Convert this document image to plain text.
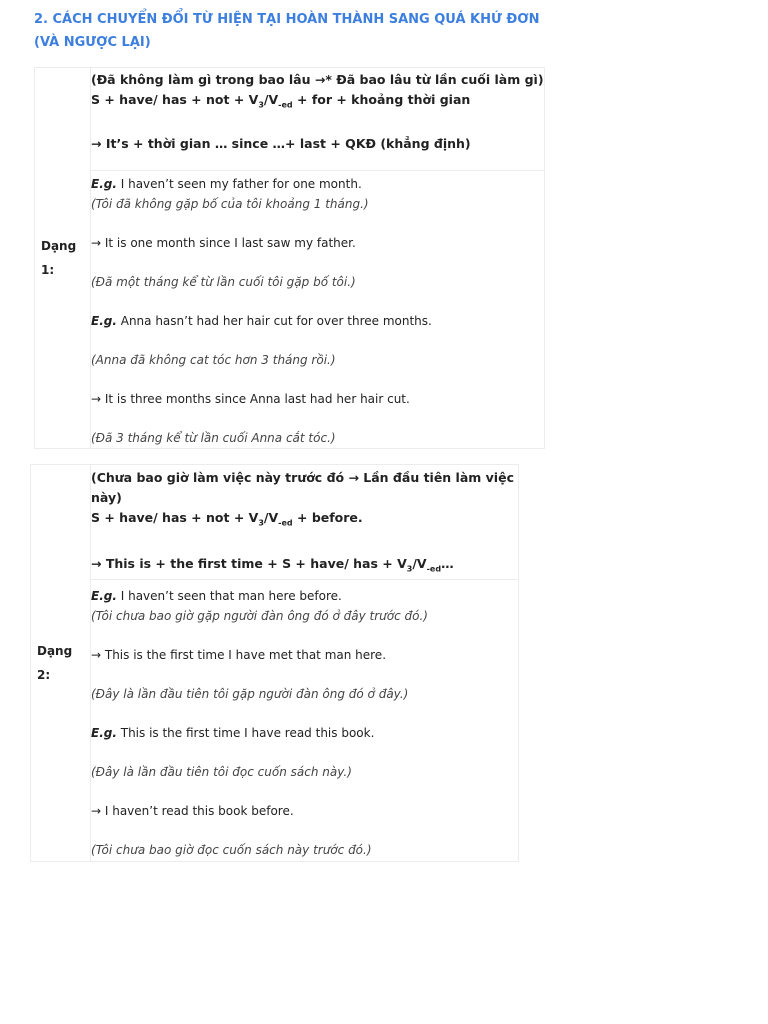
2. CÁCH CHUYỂN ĐỔI TỪ HIỆN TẠI HOÀN THÀNH SANG QUÁ KHỨ ĐƠN (VÀ NGƯỢC LẠI)
Dạng
1:

(Đã không làm gì trong bao lâu →* Đã bao lâu từ lần cuối làm gì)
S + have/ has + not + $V_3/V_{-ed}$ + for + khoảng thời gian
→ It’s + thời gian … since …+ last + QKĐ (khẳng định)

E.g. I haven’t seen my father for one month.

(Tôi đã không gặp bố của tôi khoảng 1 tháng.)

→ It is one month since I last saw my father.

(Đã một tháng kể từ lần cuối tôi gặp bố tôi.)

E.g. Anna hasn’t had her hair cut for over three months.

(Anna đã không cat tóc hơn 3 tháng rồi.)

→ It is three months since Anna last had her hair cut.

(Đã 3 tháng kể từ lần cuối Anna cắt tóc.)

Dạng
2:

(Chưa bao giờ làm việc này trước đó → Lần đầu tiên làm việc này)
S + have/ has + not + $V_3/V_{-ed}$ + before.
→ This is + the first time + S + have/ has + $V_3/V_{-ed}\dots$

E.g. I haven’t seen that man here before.

(Tôi chưa bao giờ gặp người đàn ông đó ở đây trước đó.)

→ This is the first time I have met that man here.

(Đây là lần đầu tiên tôi gặp người đàn ông đó ở đây.)

E.g. This is the first time I have read this book.

(Đây là lần đầu tiên tôi đọc cuốn sách này.)

→ I haven’t read this book before.

(Tôi chưa bao giờ đọc cuốn sách này trước đó.)
